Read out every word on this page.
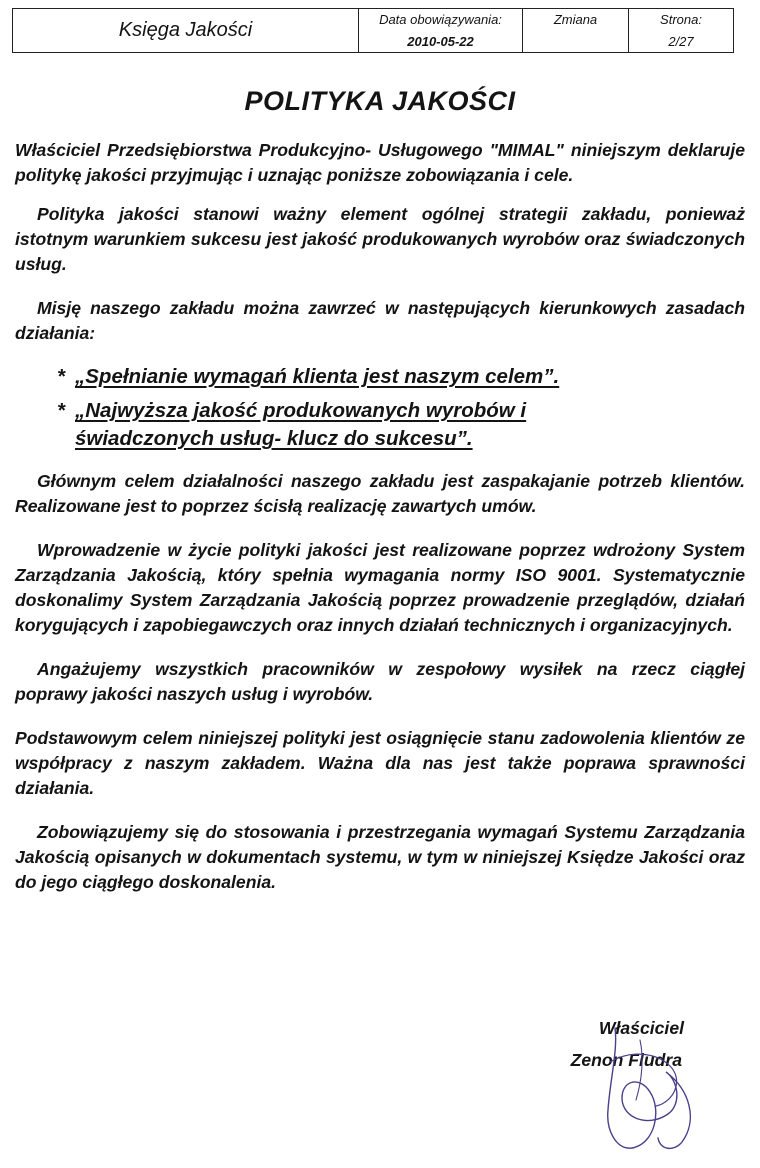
Księga Jakości	Data obowiązywania:
2010-05-22
Zmiana	Strona:
2/27
POLITYKA JAKOŚCI

Właściciel Przedsiębiorstwa Produkcyjno- Usługowego "MIMAL" niniejszym deklaruje politykę jakości przyjmując i uznając poniższe zobowiązania i cele.

Polityka jakości stanowi ważny element ogólnej strategii zakładu, ponieważ istotnym warunkiem sukcesu jest jakość produkowanych wyrobów oraz świadczonych usług.

Misję naszego zakładu można zawrzeć w następujących kierunkowych zasadach działania:

* „Spełnianie wymagań klienta jest naszym celem”.
* „Najwyższa jakość produkowanych wyrobów i świadczonych usług- klucz do sukcesu”.

Głównym celem działalności naszego zakładu jest zaspakajanie potrzeb klientów. Realizowane jest to poprzez ścisłą realizację zawartych umów.

Wprowadzenie w życie polityki jakości jest realizowane poprzez wdrożony System Zarządzania Jakością, który spełnia wymagania normy ISO 9001. Systematycznie doskonalimy System Zarządzania Jakością poprzez prowadzenie przeglądów, działań korygujących i zapobiegawczych oraz innych działań technicznych i organizacyjnych.

Angażujemy wszystkich pracowników w zespołowy wysiłek na rzecz ciągłej poprawy jakości naszych usług i wyrobów.

Podstawowym celem niniejszej polityki jest osiągnięcie stanu zadowolenia klientów ze współpracy z naszym zakładem. Ważna dla nas jest także poprawa sprawności działania.

Zobowiązujemy się do stosowania i przestrzegania wymagań Systemu Zarządzania Jakością opisanych w dokumentach systemu, w tym w niniejszej Księdze Jakości oraz do jego ciągłego doskonalenia.

Właściciel
Zenon Fludra
